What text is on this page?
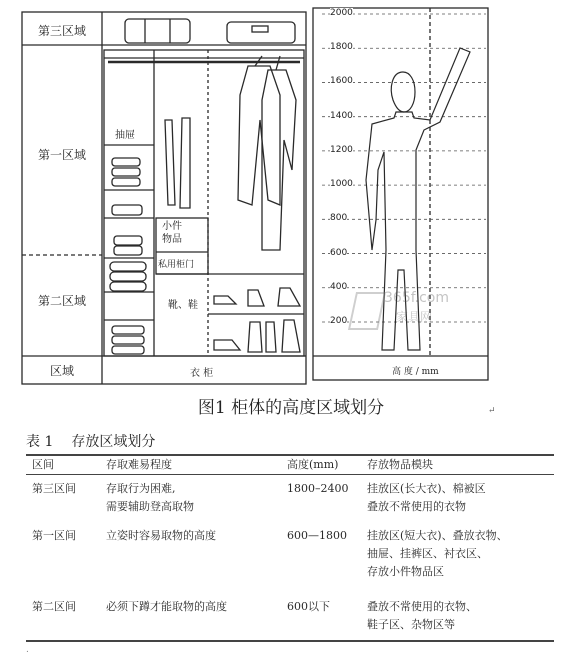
第三区域
第一区域
第二区域
区域
抽屉
小件
物品
私用柜门
靴、鞋
衣 柜	高 度 / mm
2000
1800
1600
1400
1200
1000
800
600
400
200
365f.com
家具网
图1 柜体的高度区域划分	↵
表 1 存放区域划分
区间	存取难易程度	高度(mm)	存放物品模块
第三区间	存取行为困难,
需要辅助登高取物
1800–2400 挂放区(长大衣)、棉被区
叠放不常使用的衣物
第一区间	立姿时容易取物的高度	600—1800 挂放区(短大衣)、叠放衣物、
抽屉、挂裤区、衬衣区、
存放小件物品区
第二区间	必须下蹲才能取物的高度	600以下	叠放不常使用的衣物、
鞋子区、杂物区等
.
